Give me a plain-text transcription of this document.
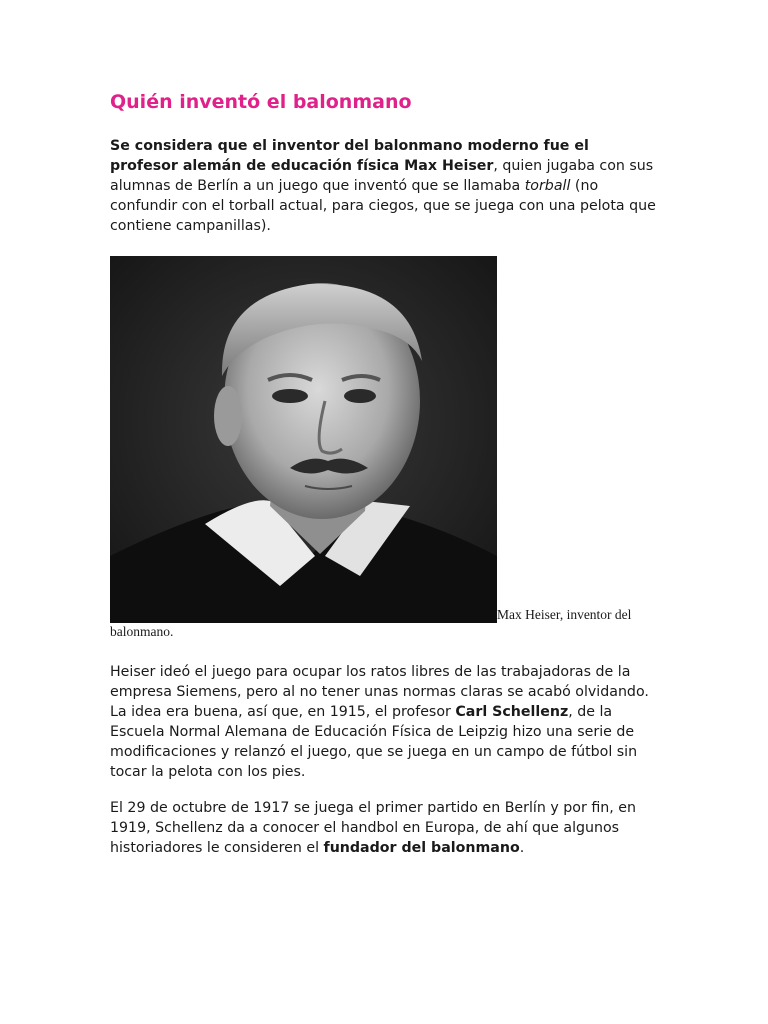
Quién inventó el balonmano

Se considera que el inventor del balonmano moderno fue el profesor alemán de educación física Max Heiser, quien jugaba con sus alumnas de Berlín a un juego que inventó que se llamaba torball (no confundir con el torball actual, para ciegos, que se juega con una pelota que contiene campanillas).

Max Heiser, inventor del balonmano.

Heiser ideó el juego para ocupar los ratos libres de las trabajadoras de la empresa Siemens, pero al no tener unas normas claras se acabó olvidando. La idea era buena, así que, en 1915, el profesor Carl Schellenz, de la Escuela Normal Alemana de Educación Física de Leipzig hizo una serie de modificaciones y relanzó el juego, que se juega en un campo de fútbol sin tocar la pelota con los pies.

El 29 de octubre de 1917 se juega el primer partido en Berlín y por fin, en 1919, Schellenz da a conocer el handbol en Europa, de ahí que algunos historiadores le consideren el fundador del balonmano.
